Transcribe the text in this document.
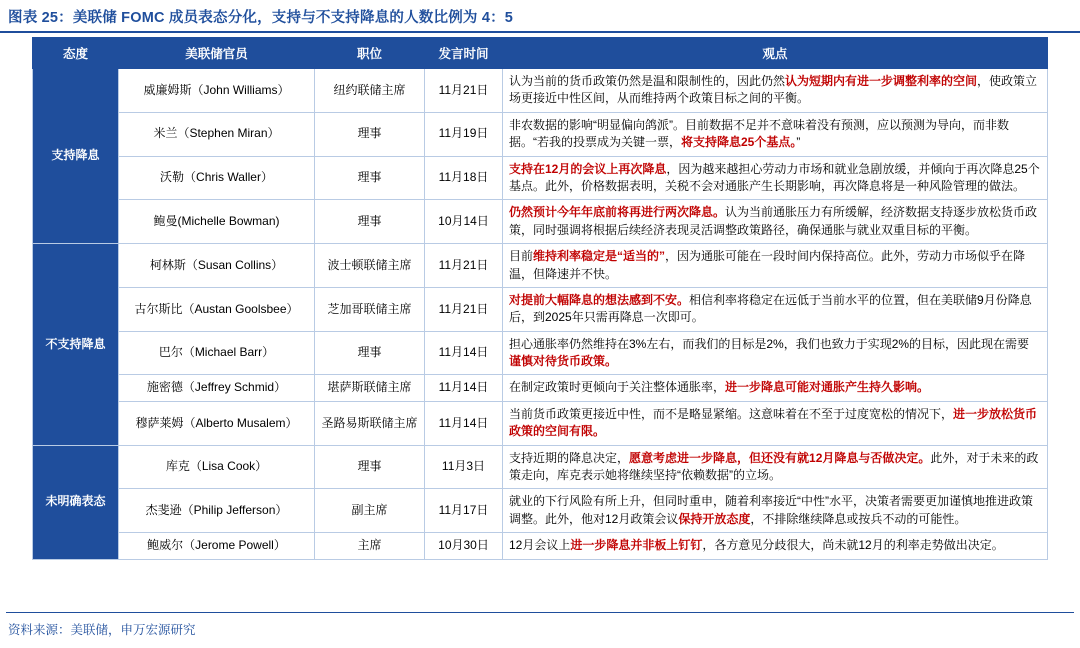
图表 25：美联储 FOMC 成员表态分化，支持与不支持降息的人数比例为 4：5
态度	美联储官员	职位	发言时间	观点
支持降息	威廉姆斯（John Williams）	纽约联储主席	11月21日	认为当前的货币政策仍然是温和限制性的，因此仍然认为短期内有进一步调整利率的空间，使政策立场更接近中性区间，从而维持两个政策目标之间的平衡。
	米兰（Stephen Miran）	理事	11月19日	非农数据的影响“明显偏向鸽派”。目前数据不足并不意味着没有预测，应以预测为导向，而非数据。“若我的投票成为关键一票，将支持降息25个基点。”
	沃勒（Chris Waller）	理事	11月18日	支持在12月的会议上再次降息，因为越来越担心劳动力市场和就业急剧放缓，并倾向于再次降息25个基点。此外，价格数据表明，关税不会对通胀产生长期影响，再次降息将是一种风险管理的做法。
	鲍曼(Michelle Bowman)	理事	10月14日	仍然预计今年年底前将再进行两次降息。认为当前通胀压力有所缓解，经济数据支持逐步放松货币政策，同时强调将根据后续经济表现灵活调整政策路径，确保通胀与就业双重目标的平衡。
不支持降息	柯林斯（Susan Collins）	波士顿联储主席	11月21日	目前维持利率稳定是“适当的”，因为通胀可能在一段时间内保持高位。此外，劳动力市场似乎在降温，但降速并不快。
	古尔斯比（Austan Goolsbee）	芝加哥联储主席	11月21日	对提前大幅降息的想法感到不安。相信利率将稳定在远低于当前水平的位置，但在美联储9月份降息后，到2025年只需再降息一次即可。
	巴尔（Michael Barr）	理事	11月14日	担心通胀率仍然维持在3%左右，而我们的目标是2%，我们也致力于实现2%的目标，因此现在需要谨慎对待货币政策。
	施密德（Jeffrey Schmid）	堪萨斯联储主席	11月14日	在制定政策时更倾向于关注整体通胀率，进一步降息可能对通胀产生持久影响。
	穆萨莱姆（Alberto Musalem）	圣路易斯联储主席	11月14日	当前货币政策更接近中性，而不是略显紧缩。这意味着在不至于过度宽松的情况下，进一步放松货币政策的空间有限。
未明确表态	库克（Lisa Cook）	理事	11月3日	支持近期的降息决定，愿意考虑进一步降息，但还没有就12月降息与否做决定。此外，对于未来的政策走向，库克表示她将继续坚持“依赖数据”的立场。
	杰斐逊（Philip Jefferson）	副主席	11月17日	就业的下行风险有所上升，但同时重申，随着利率接近“中性”水平，决策者需要更加谨慎地推进政策调整。此外，他对12月政策会议保持开放态度，不排除继续降息或按兵不动的可能性。
	鲍威尔（Jerome Powell）	主席	10月30日	12月会议上进一步降息并非板上钉钉，各方意见分歧很大，尚未就12月的利率走势做出决定。
资料来源：美联储，申万宏源研究
